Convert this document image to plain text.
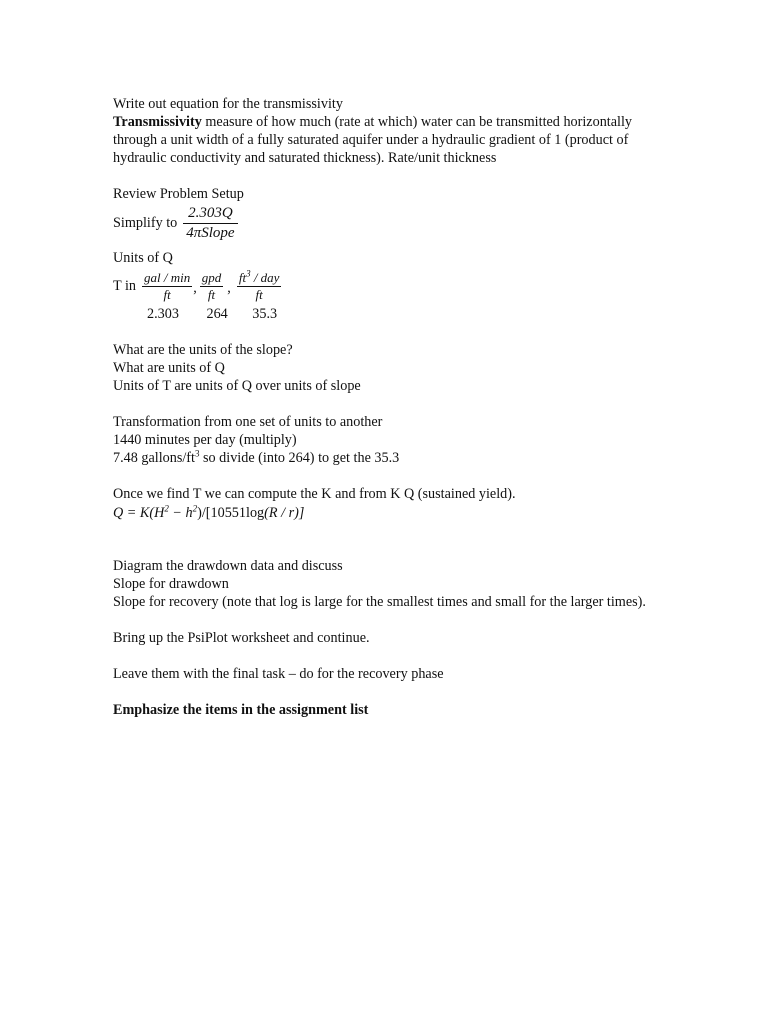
Write out equation for the transmissivity
Transmissivity measure of how much (rate at which) water can be transmitted horizontally through a unit width of a fully saturated aquifer under a hydraulic gradient of 1 (product of hydraulic conductivity and saturated thickness). Rate/unit thickness
Review Problem Setup
Simplify to $\frac{2.303Q}{\text{4πSlope}}$
Units of Q
T in $\frac{\text{gal / min}}{ft}$ , $\frac{\text{gpd}}{ft}$ , $\frac{ft^3 / day}{ft}$
2.303 264 35.3
What are the units of the slope?
What are units of Q
Units of T are units of Q over units of slope
Transformation from one set of units to another
1440 minutes per day (multiply)
7.48 gallons/$ft^3$ so divide (into 264) to get the 35.3
Once we find T we can compute the K and from K Q (sustained yield).
$Q = K(H^2 - h^2)/[10551\log(R / r)]$
Diagram the drawdown data and discuss
Slope for drawdown
Slope for recovery (note that log is large for the smallest times and small for the larger times).
Bring up the PsiPlot worksheet and continue.
Leave them with the final task – do for the recovery phase
Emphasize the items in the assignment list
